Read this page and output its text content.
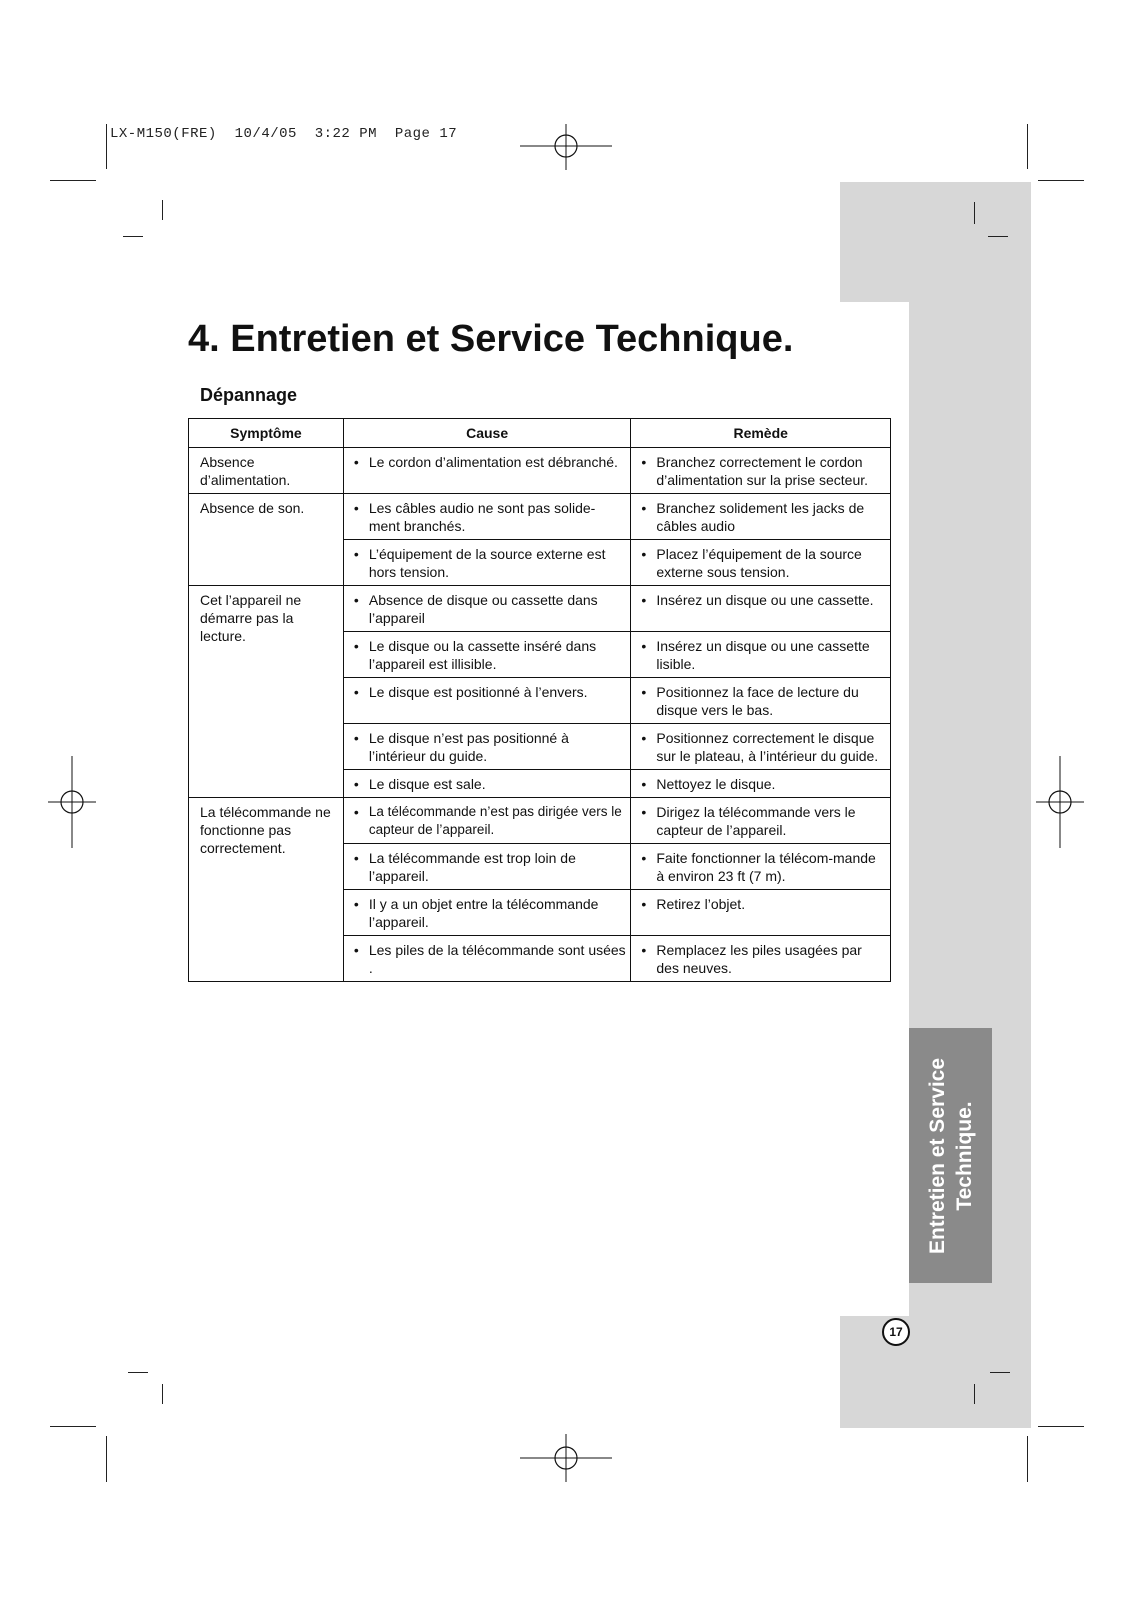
LX-M150(FRE)  10/4/05  3:22 PM  Page 17
4. Entretien et Service Technique.
Dépannage
Symptôme	Cause	Remède
Absence d’alimentation.	• Le cordon d’alimentation est débranché.	• Branchez correctement le cordon d’alimentation sur la prise secteur.

Absence de son.	• Les câbles audio ne sont pas solide-ment branchés.	• Branchez solidement les jacks de câbles audio

	• L’équipement de la source externe est hors tension.	• Placez l’équipement de la source externe sous tension.

Cet l’appareil ne démarre pas la lecture.	• Absence de disque ou cassette dans l’appareil	• Insérez un disque ou une cassette.

	• Le disque ou la cassette inséré dans l’appareil est illisible.	• Insérez un disque ou une cassette lisible.

	• Le disque est positionné à l’envers.	• Positionnez la face de lecture du disque vers le bas.

	• Le disque n’est pas positionné à l’intérieur du guide.	• Positionnez correctement le disque sur le plateau, à l’intérieur du guide.

	• Le disque est sale.	• Nettoyez le disque.

La télécommande ne fonctionne pas correctement.	• La télécommande n’est pas dirigée vers le capteur de l’appareil.	• Dirigez la télécommande vers le capteur de l’appareil.

	• La télécommande est trop loin de l’appareil.	• Faite fonctionner la télécom-mande à environ 23 ft (7 m).

	• Il y a un objet entre la télécommande l’appareil.	• Retirez l’objet.

	• Les piles de la télécommande sont usées .	• Remplacez les piles usagées par des neuves.
Entretien et Service Technique.
17
